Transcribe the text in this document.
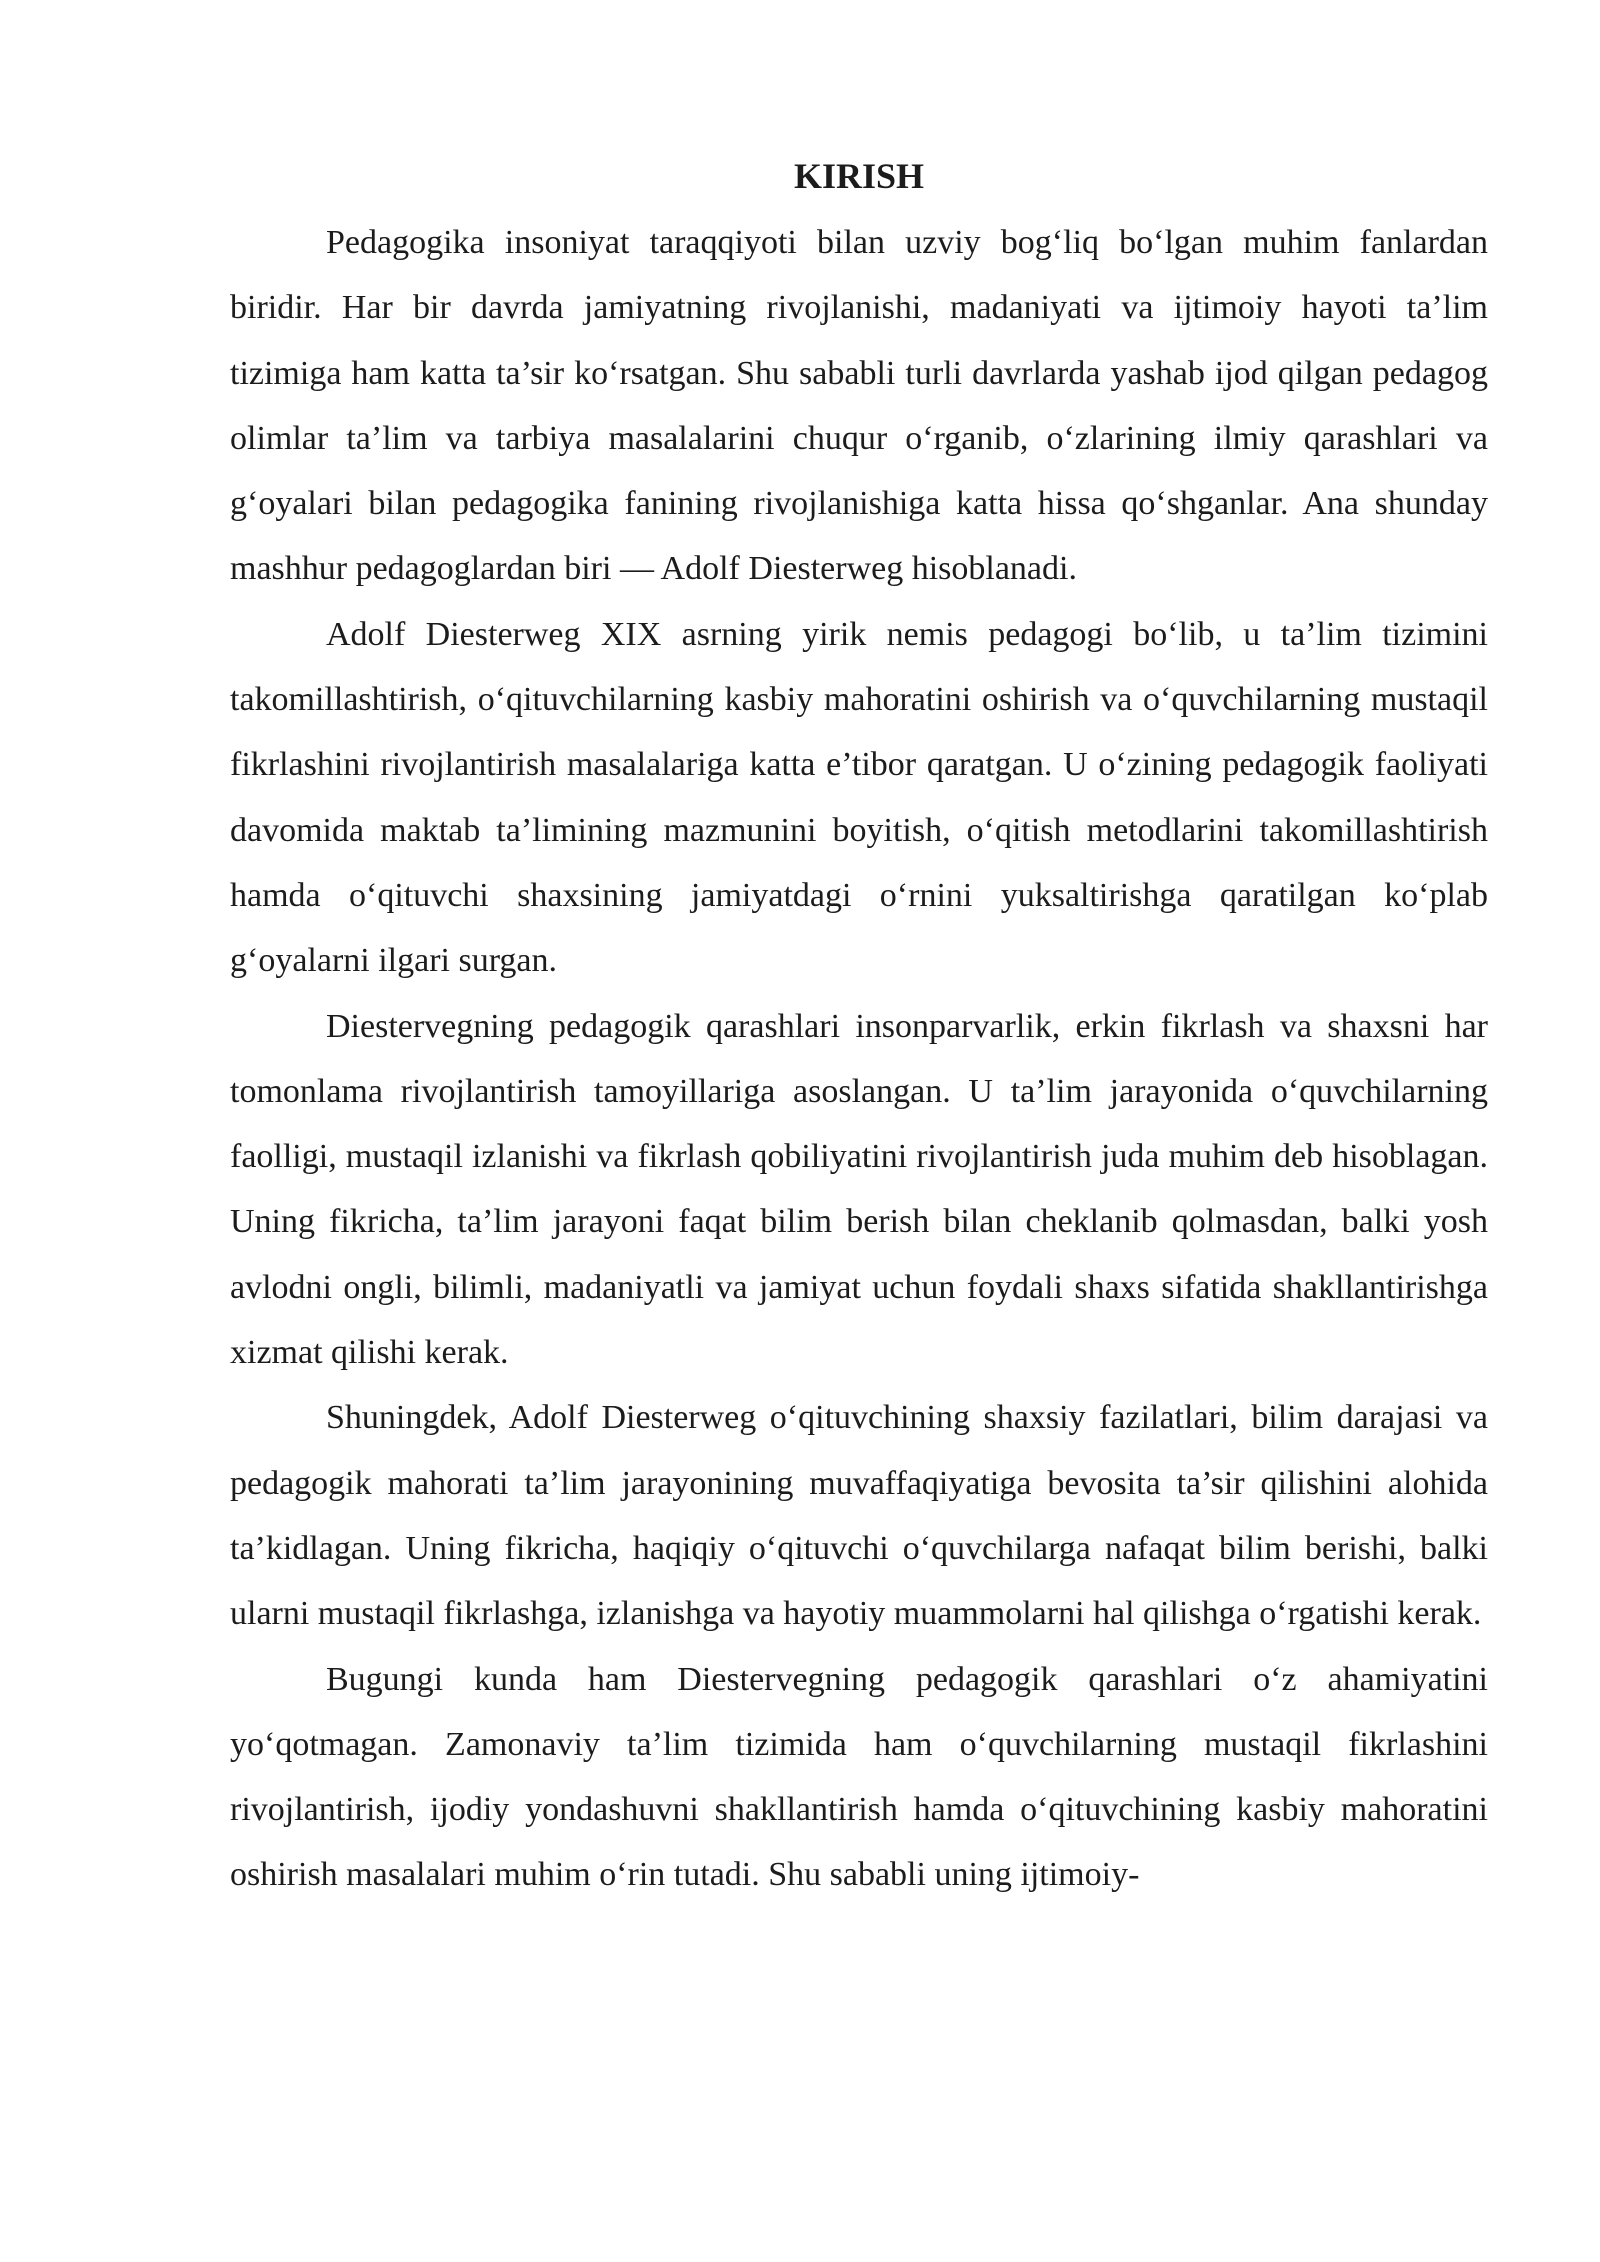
KIRISH

Pedagogika insoniyat taraqqiyoti bilan uzviy bog‘liq bo‘lgan muhim fanlardan biridir. Har bir davrda jamiyatning rivojlanishi, madaniyati va ijtimoiy hayoti ta’lim tizimiga ham katta ta’sir ko‘rsatgan. Shu sababli turli davrlarda yashab ijod qilgan pedagog olimlar ta’lim va tarbiya masalalarini chuqur o‘rganib, o‘zlarining ilmiy qarashlari va g‘oyalari bilan pedagogika fanining rivojlanishiga katta hissa qo‘shganlar. Ana shunday mashhur pedagoglardan biri — Adolf Diesterweg hisoblanadi.

Adolf Diesterweg XIX asrning yirik nemis pedagogi bo‘lib, u ta’lim tizimini takomillashtirish, o‘qituvchilarning kasbiy mahoratini oshirish va o‘quvchilarning mustaqil fikrlashini rivojlantirish masalalariga katta e’tibor qaratgan. U o‘zining pedagogik faoliyati davomida maktab ta’limining mazmunini boyitish, o‘qitish metodlarini takomillashtirish hamda o‘qituvchi shaxsining jamiyatdagi o‘rnini yuksaltirishga qaratilgan ko‘plab g‘oyalarni ilgari surgan.

Diestervegning pedagogik qarashlari insonparvarlik, erkin fikrlash va shaxsni har tomonlama rivojlantirish tamoyillariga asoslangan. U ta’lim jarayonida o‘quvchilarning faolligi, mustaqil izlanishi va fikrlash qobiliyatini rivojlantirish juda muhim deb hisoblagan. Uning fikricha, ta’lim jarayoni faqat bilim berish bilan cheklanib qolmasdan, balki yosh avlodni ongli, bilimli, madaniyatli va jamiyat uchun foydali shaxs sifatida shakllantirishga xizmat qilishi kerak.

Shuningdek, Adolf Diesterweg o‘qituvchining shaxsiy fazilatlari, bilim darajasi va pedagogik mahorati ta’lim jarayonining muvaffaqiyatiga bevosita ta’sir qilishini alohida ta’kidlagan. Uning fikricha, haqiqiy o‘qituvchi o‘quvchilarga nafaqat bilim berishi, balki ularni mustaqil fikrlashga, izlanishga va hayotiy muammolarni hal qilishga o‘rgatishi kerak.

Bugungi kunda ham Diestervegning pedagogik qarashlari o‘z ahamiyatini yo‘qotmagan. Zamonaviy ta’lim tizimida ham o‘quvchilarning mustaqil fikrlashini rivojlantirish, ijodiy yondashuvni shakllantirish hamda o‘qituvchining kasbiy mahoratini oshirish masalalari muhim o‘rin tutadi. Shu sababli uning ijtimoiy-
